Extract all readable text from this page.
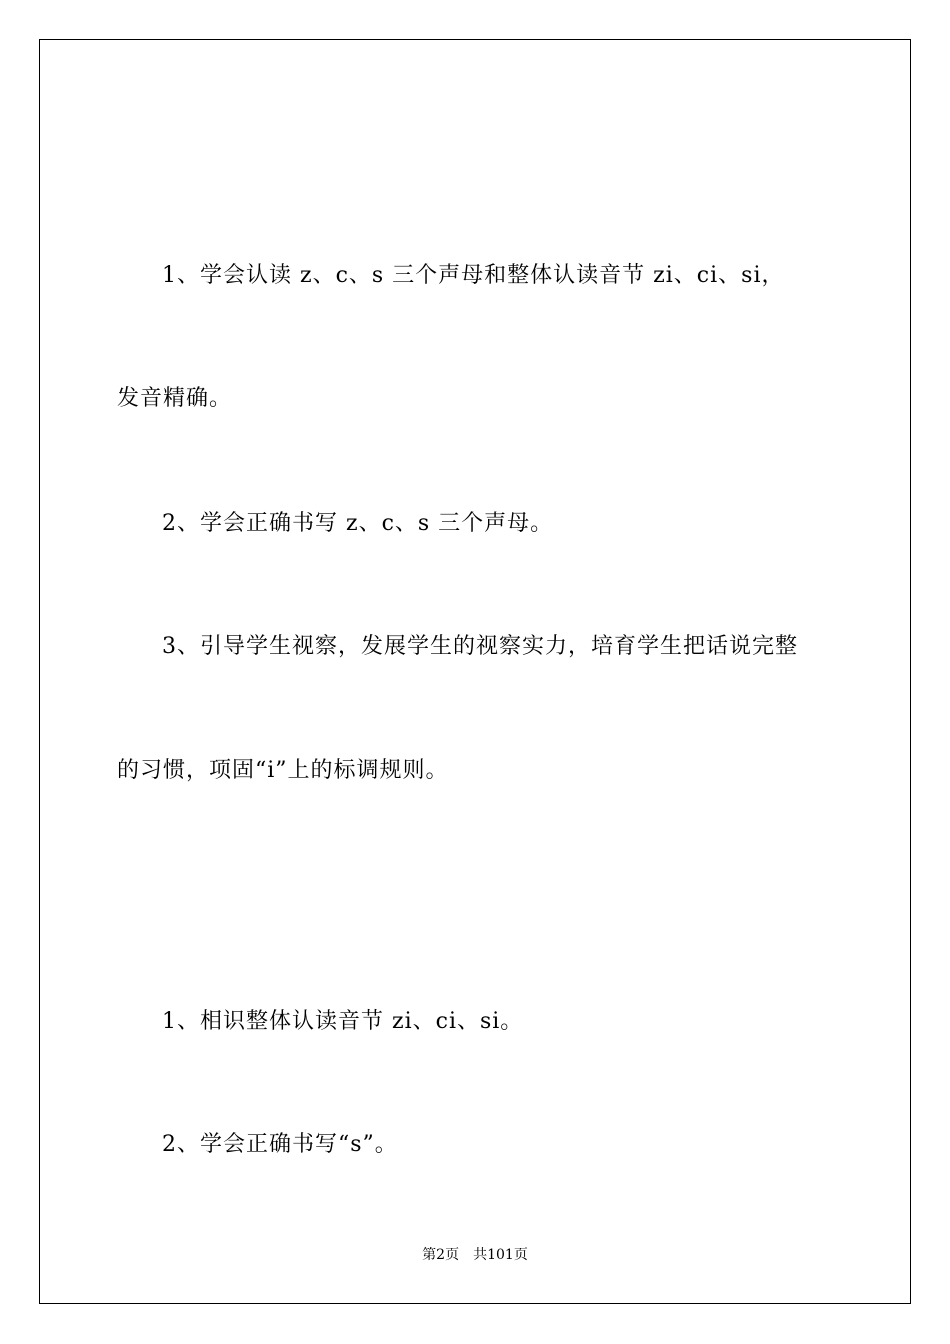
1、学会认读 z、c、s 三个声母和整体认读音节 zi、ci、si，

发音精确。

2、学会正确书写 z、c、s 三个声母。

3、引导学生视察，发展学生的视察实力，培育学生把话说完整

的习惯，项固“i”上的标调规则。

1、相识整体认读音节 zi、ci、si。

2、学会正确书写“s”。

第2页 共101页
